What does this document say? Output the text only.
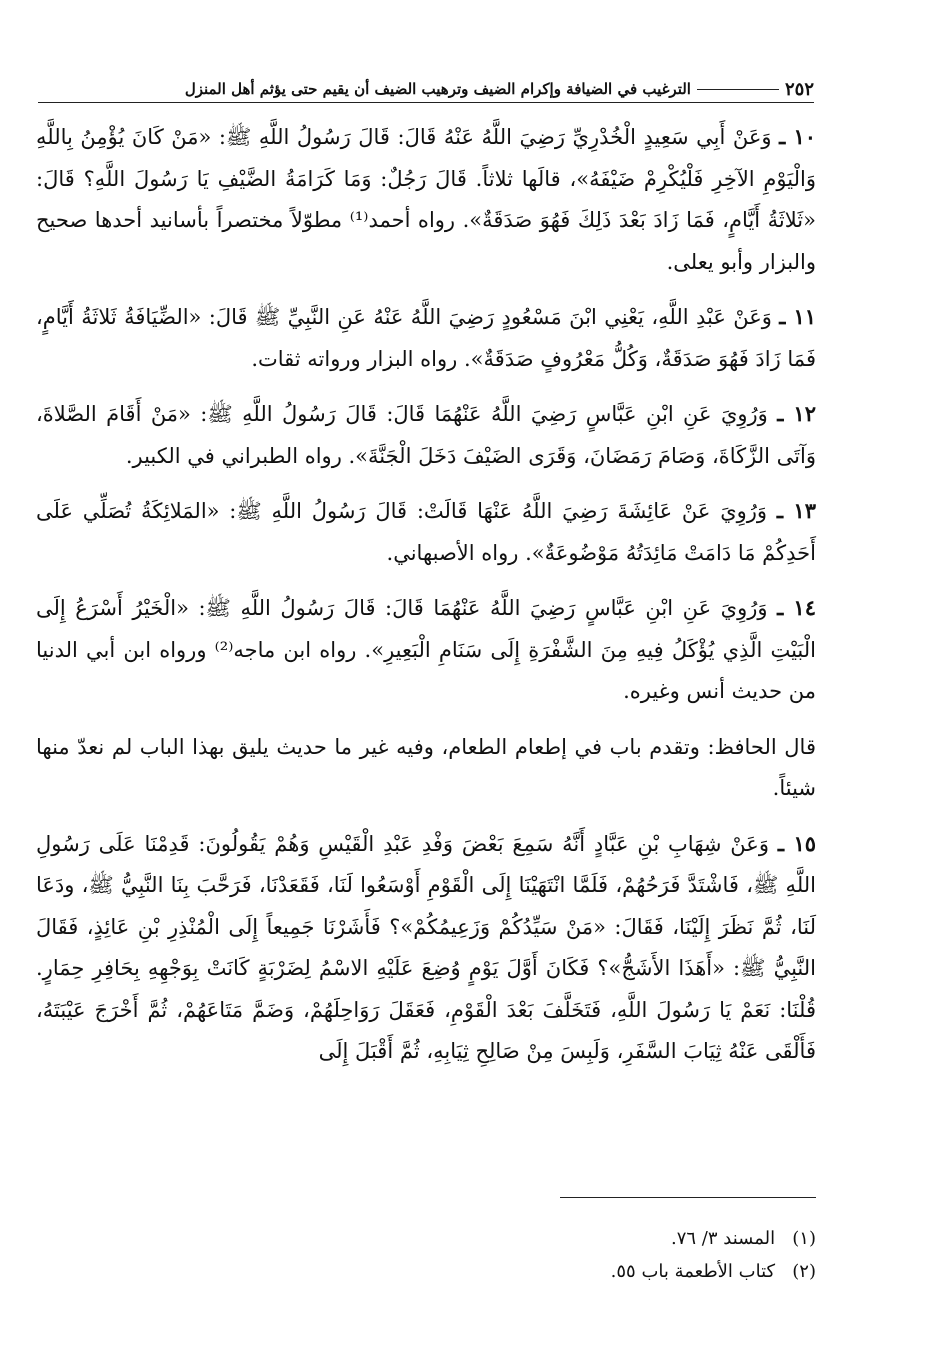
٢٥٢
الترغيب في الضيافة وإكرام الضيف وترهيب الضيف أن يقيم حتى يؤثم أهل المنزل

١٠ ـ وَعَنْ أَبِي سَعِيدٍ الْخُدْرِيِّ رَضِيَ اللَّهُ عَنْهُ قَالَ: قَالَ رَسُولُ اللَّهِ ﷺ: «مَنْ كَانَ يُؤْمِنُ بِاللَّهِ وَالْيَوْمِ الآخِرِ فَلْيُكْرِمْ ضَيْفَهُ»، قالَها ثلاثاً. قَالَ رَجُلٌ: وَمَا كَرَامَةُ الضَّيْفِ يَا رَسُولَ اللَّهِ؟ قَالَ: «ثَلاثَةُ أَيَّامٍ، فَمَا زَادَ بَعْدَ ذَلِكَ فَهُوَ صَدَقَةٌ». رواه أحمد⁽¹⁾ مطوّلاً مختصراً بأسانيد أحدها صحيح والبزار وأبو يعلى.

١١ ـ وَعَنْ عَبْدِ اللَّهِ، يَعْنِي ابْنَ مَسْعُودٍ رَضِيَ اللَّهُ عَنْهُ عَنِ النَّبِيِّ ﷺ قَالَ: «الضِّيَافَةُ ثَلاثَةُ أَيَّامٍ، فَمَا زَادَ فَهُوَ صَدَقَةٌ، وَكُلُّ مَعْرُوفٍ صَدَقَةٌ». رواه البزار ورواته ثقات.

١٢ ـ وَرُوِيَ عَنِ ابْنِ عَبَّاسٍ رَضِيَ اللَّهُ عَنْهُمَا قَالَ: قَالَ رَسُولُ اللَّهِ ﷺ: «مَنْ أَقَامَ الصَّلاةَ، وَآتَى الزَّكَاةَ، وَصَامَ رَمَضَانَ، وَقَرَى الضَيْفَ دَخَلَ الْجَنَّةَ». رواه الطبراني في الكبير.

١٣ ـ وَرُوِيَ عَنْ عَائِشَةَ رَضِيَ اللَّهُ عَنْهَا قَالَتْ: قَالَ رَسُولُ اللَّهِ ﷺ: «المَلائِكَةُ تُصَلِّي عَلَى أَحَدِكُمْ مَا دَامَتْ مَائِدَتُهُ مَوْضُوعَةٌ». رواه الأصبهاني.

١٤ ـ وَرُوِيَ عَنِ ابْنِ عَبَّاسٍ رَضِيَ اللَّهُ عَنْهُمَا قَالَ: قَالَ رَسُولُ اللَّهِ ﷺ: «الْخَيْرُ أَسْرَعُ إِلَى الْبَيْتِ الَّذِي يُؤْكَلُ فِيهِ مِنَ الشَّفْرَةِ إِلَى سَنَامِ الْبَعِيرِ». رواه ابن ماجه⁽²⁾ ورواه ابن أبي الدنيا من حديث أنس وغيره.

قال الحافظ: وتقدم باب في إطعام الطعام، وفيه غير ما حديث يليق بهذا الباب لم نعدّ منها شيئاً.

١٥ ـ وَعَنْ شِهَابِ بْنِ عَبَّادٍ أَنَّهُ سَمِعَ بَعْضَ وَفْدِ عَبْدِ الْقَيْسِ وَهُمْ يَقُولُونَ: قَدِمْنَا عَلَى رَسُولِ اللَّهِ ﷺ، فَاشْتَدَّ فَرَحُهُمْ، فَلَمَّا انْتَهَيْنَا إِلَى الْقَوْمِ أَوْسَعُوا لَنَا، فَقَعَدْنَا، فَرَحَّبَ بِنَا النَّبِيُّ ﷺ، ودَعَا لَنَا، ثُمَّ نَظَرَ إِلَيْنَا، فَقَالَ: «مَنْ سَيِّدُكُمْ وَزَعِيمُكُمْ»؟ فَأَشَرْنَا جَمِيعاً إِلَى الْمُنْذِرِ بْنِ عَائِذٍ، فَقَالَ النَّبِيُّ ﷺ: «أَهَذَا الأَشَجُّ»؟ فَكَانَ أَوَّلَ يَوْمٍ وُضِعَ عَلَيْهِ الاسْمُ لِضَرْبَةٍ كَانَتْ بِوَجْهِهِ بِحَافِرِ حِمَارٍ. قُلْنَا: نَعَمْ يَا رَسُولَ اللَّهِ، فَتَخَلَّفَ بَعْدَ الْقَوْمِ، فَعَقَلَ رَوَاحِلَهُمْ، وَضَمَّ مَتَاعَهُمْ، ثُمَّ أَخْرَجَ عَيْبَتَهُ، فَأَلْقَى عَنْهُ ثِيَابَ السَّفَرِ، وَلَبِسَ مِنْ صَالِحِ ثِيَابِهِ، ثُمَّ أَقْبَلَ إِلَى

(١)   المسند ٣/ ٧٦.
(٢)   كتاب الأطعمة باب ٥٥.
